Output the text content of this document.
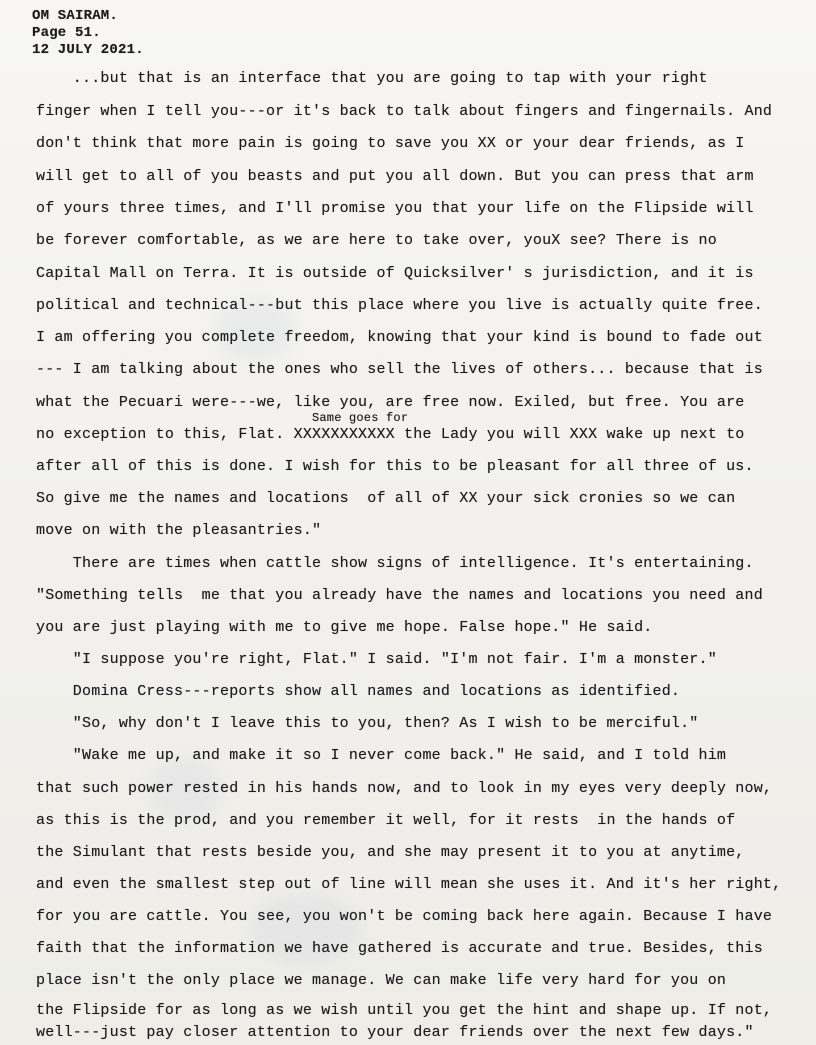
OM SAIRAM.
Page 51.
12 JULY 2021.
...but that is an interface that you are going to tap with your right
finger when I tell you---or it's back to talk about fingers and fingernails. And
don't think that more pain is going to save you XX or your dear friends, as I
will get to all of you beasts and put you all down. But you can press that arm
of yours three times, and I'll promise you that your life on the Flipside will
be forever comfortable, as we are here to take over, youX see? There is no
Capital Mall on Terra. It is outside of Quicksilver' s jurisdiction, and it is
political and technical---but this place where you live is actually quite free.
I am offering you complete freedom, knowing that your kind is bound to fade out
--- I am talking about the ones who sell the lives of others... because that is
what the Pecuari were---we, like you, are free now. Exiled, but free. You are
Same goes for
no exception to this, Flat. XXXXXXXXXXX the Lady you will XXX wake up next to
after all of this is done. I wish for this to be pleasant for all three of us.
So give me the names and locations  of all of XX your sick cronies so we can
move on with the pleasantries."
There are times when cattle show signs of intelligence. It's entertaining.
"Something tells  me that you already have the names and locations you need and
you are just playing with me to give me hope. False hope." He said.
"I suppose you're right, Flat." I said. "I'm not fair. I'm a monster."
Domina Cress---reports show all names and locations as identified.
"So, why don't I leave this to you, then? As I wish to be merciful."
"Wake me up, and make it so I never come back." He said, and I told him
that such power rested in his hands now, and to look in my eyes very deeply now,
as this is the prod, and you remember it well, for it rests  in the hands of
the Simulant that rests beside you, and she may present it to you at anytime,
and even the smallest step out of line will mean she uses it. And it's her right,
for you are cattle. You see, you won't be coming back here again. Because I have
faith that the information we have gathered is accurate and true. Besides, this
place isn't the only place we manage. We can make life very hard for you on
the Flipside for as long as we wish until you get the hint and shape up. If not,
well---just pay closer attention to your dear friends over the next few days."
